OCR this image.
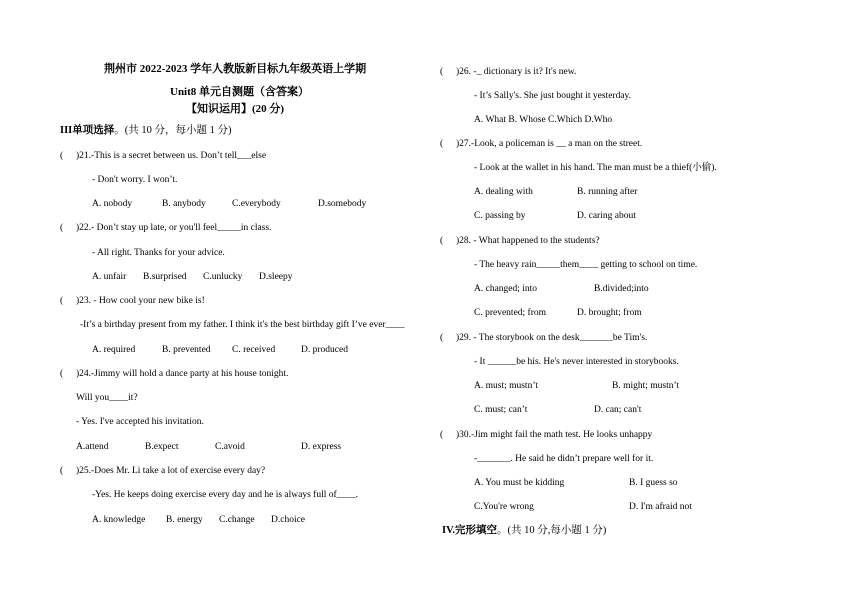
荆州市 2022-2023 学年人教版新目标九年级英语上学期
Unit8 单元自测题（含答案）
【知识运用】(20 分)
III单项选择。(共 10 分，每小题 1 分)
( )21.-This is a secret between us. Don’t tell___else
- Don't worry. I won’t.
A. nobody	B. anybody	C.everybody	D.somebody
( )22.- Don’t stay up late, or you'll feel_____in class.
- All right. Thanks for your advice.
A. unfair B.surprised C.unlucky D.sleepy
( )23. - How cool your new bike is!
-It’s a birthday present from my father. I think it's the best birthday gift I’ve ever____
A. required	B. prevented C. received	D. produced
( )24.-Jimmy will hold a dance party at his house tonight.
Will you____it?
- Yes. I've accepted his invitation.
A.attend	B.expect	C.avoid	D. express
( )25.-Does Mr. Li take a lot of exercise every day?
-Yes. He keeps doing exercise every day and he is always full of____.
A. knowledge B. energy C.change D.choice
( )26. -_ dictionary is it? It's new.
- It’s Sally's. She just bought it yesterday.
A. What B. Whose C.Which D.Who
( )27.-Look, a policeman is __ a man on the street.
- Look at the wallet in his hand. The man must be a thief(小偷).
A. dealing with	B. running after
C. passing by	D. caring about
( )28. - What happened to the students?
- The heavy rain_____them____ getting to school on time.
A. changed; into	B.divided;into
C. prevented; from	D. brought; from
( )29. - The storybook on the desk_______be Tim's.
- It ______be his. He's never interested in storybooks.
A. must; mustn’t	B. might; mustn’t
C. must; can’t	D. can; can't
( )30.-Jim might fail the math test. He looks unhappy
-_______. He said he didn’t prepare well for it.
A. You must be kidding	B. I guess so
C.You're wrong	D. I'm afraid not
IV.完形填空。(共 10 分,每小题 1 分)
